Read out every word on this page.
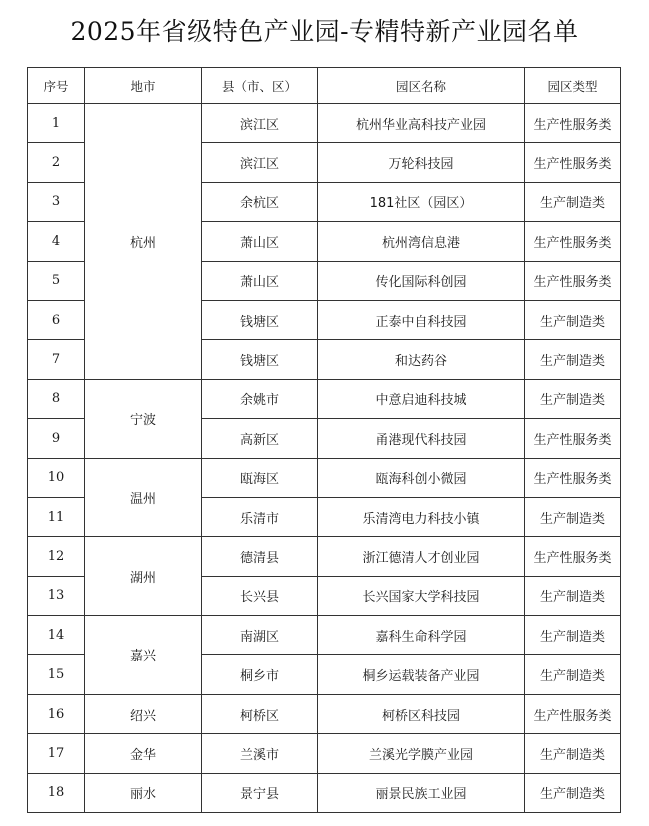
2025年省级特色产业园-专精特新产业园名单
序号	地市	县（市、区）	园区名称	园区类型
1	杭州	滨江区	杭州华业高科技产业园	生产性服务类
2		滨江区	万轮科技园	生产性服务类
3		余杭区	181社区（园区）	生产制造类
4		萧山区	杭州湾信息港	生产性服务类
5		萧山区	传化国际科创园	生产性服务类
6		钱塘区	正泰中自科技园	生产制造类
7		钱塘区	和达药谷	生产制造类
8	宁波	余姚市	中意启迪科技城	生产制造类
9		高新区	甬港现代科技园	生产性服务类
10	温州	瓯海区	瓯海科创小微园	生产性服务类
11		乐清市	乐清湾电力科技小镇	生产制造类
12	湖州	德清县	浙江德清人才创业园	生产性服务类
13		长兴县	长兴国家大学科技园	生产制造类
14	嘉兴	南湖区	嘉科生命科学园	生产制造类
15		桐乡市	桐乡运载装备产业园	生产制造类
16	绍兴	柯桥区	柯桥区科技园	生产性服务类
17	金华	兰溪市	兰溪光学膜产业园	生产制造类
18	丽水	景宁县	丽景民族工业园	生产制造类
